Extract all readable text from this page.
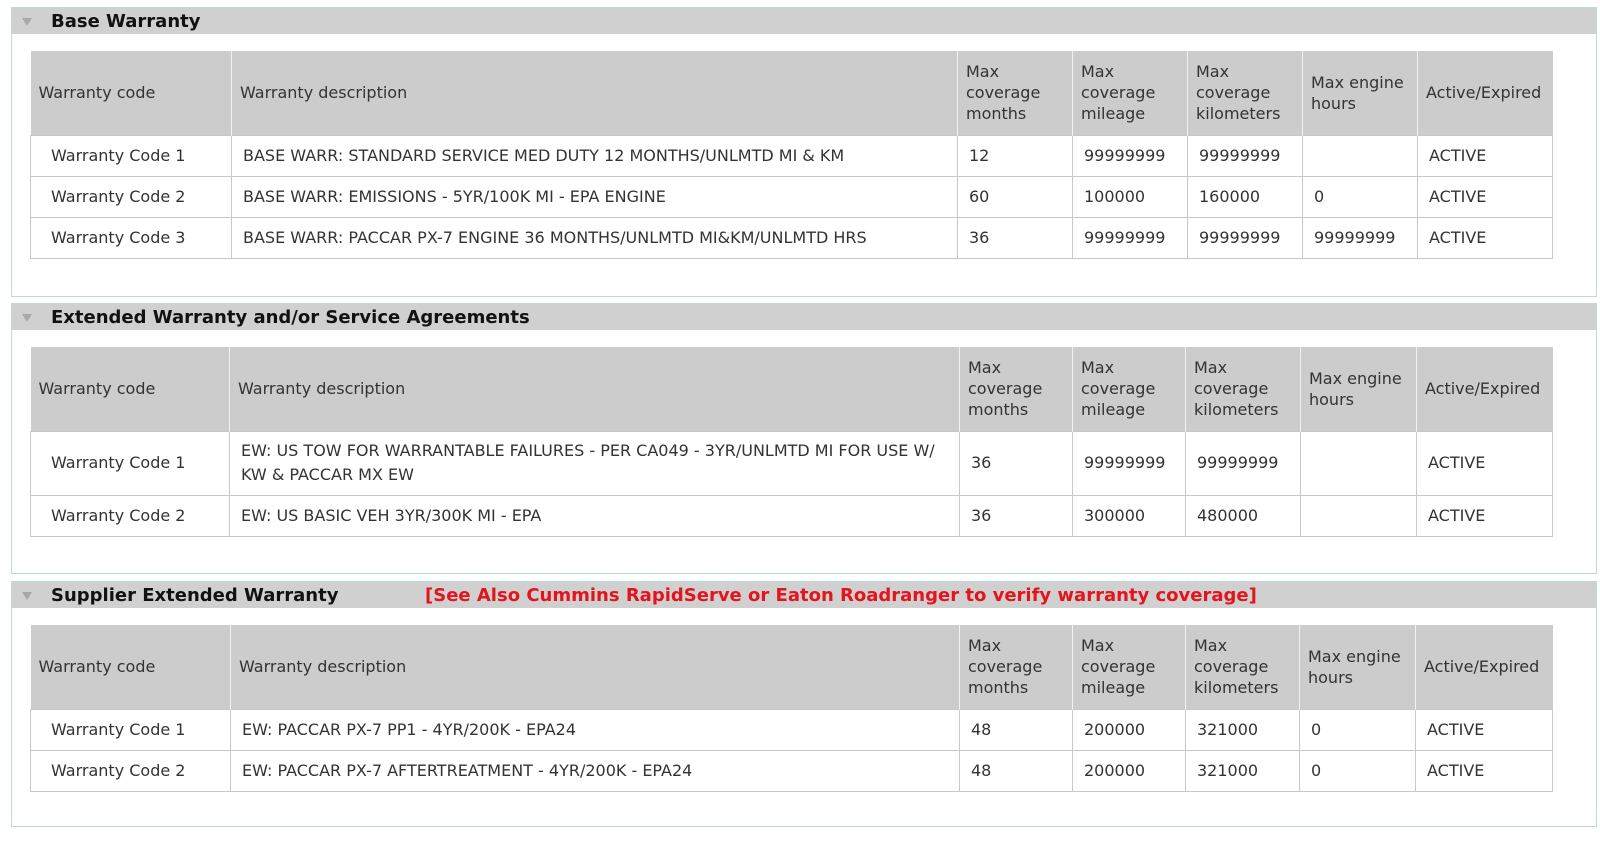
Base Warranty
Warranty code	Warranty description	Max coverage months	Max coverage mileage	Max coverage kilometers	Max engine hours	Active/Expired
Warranty Code 1	BASE WARR: STANDARD SERVICE MED DUTY 12 MONTHS/UNLMTD MI & KM	12	99999999	99999999		ACTIVE
Warranty Code 2	BASE WARR: EMISSIONS - 5YR/100K MI - EPA ENGINE	60	100000	160000	0	ACTIVE
Warranty Code 3	BASE WARR: PACCAR PX-7 ENGINE 36 MONTHS/UNLMTD MI&KM/UNLMTD HRS	36	99999999	99999999	99999999	ACTIVE
Extended Warranty and/or Service Agreements
Warranty code	Warranty description	Max coverage months	Max coverage mileage	Max coverage kilometers	Max engine hours	Active/Expired
Warranty Code 1	EW: US TOW FOR WARRANTABLE FAILURES - PER CA049 - 3YR/UNLMTD MI FOR USE W/ KW & PACCAR MX EW	36	99999999	99999999		ACTIVE
Warranty Code 2	EW: US BASIC VEH 3YR/300K MI - EPA	36	300000	480000		ACTIVE
Supplier Extended Warranty	[See Also Cummins RapidServe or Eaton Roadranger to verify warranty coverage]
Warranty code	Warranty description	Max coverage months	Max coverage mileage	Max coverage kilometers	Max engine hours	Active/Expired
Warranty Code 1	EW: PACCAR PX-7 PP1 - 4YR/200K - EPA24	48	200000	321000	0	ACTIVE
Warranty Code 2	EW: PACCAR PX-7 AFTERTREATMENT - 4YR/200K - EPA24	48	200000	321000	0	ACTIVE
